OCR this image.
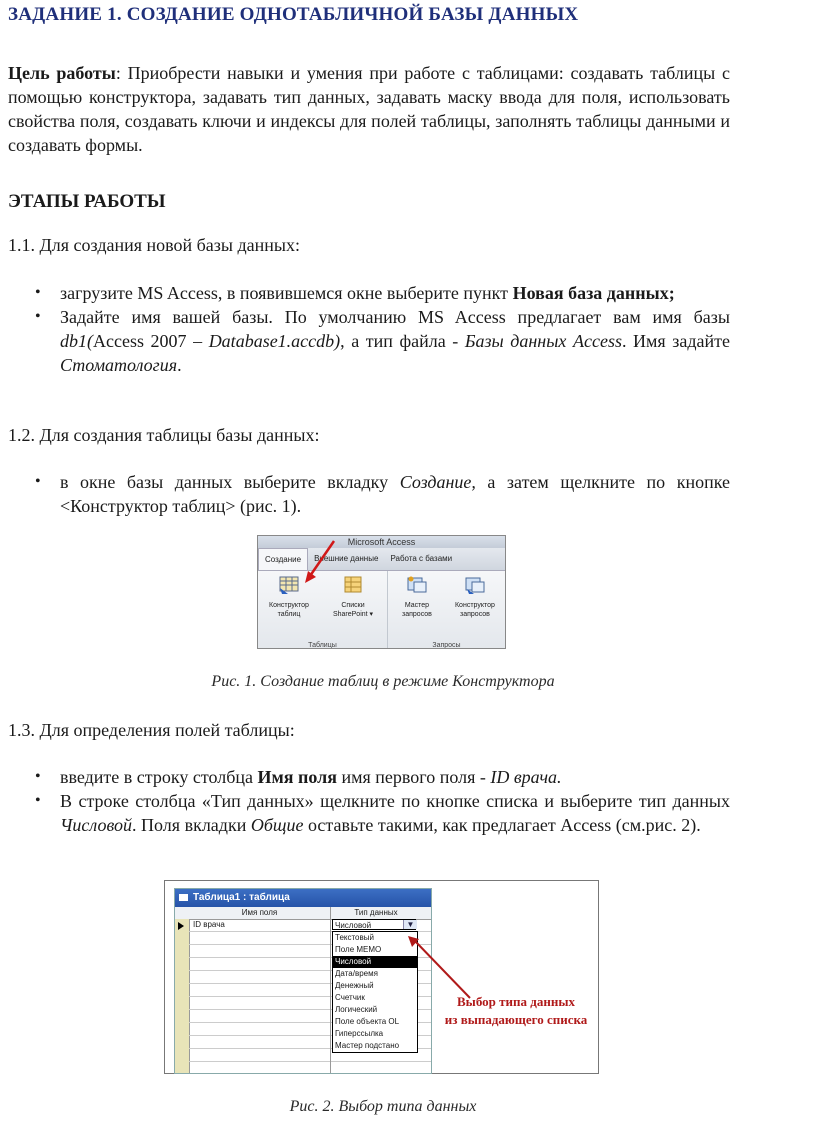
ЗАДАНИЕ 1. СОЗДАНИЕ ОДНОТАБЛИЧНОЙ БАЗЫ ДАННЫХ
Цель работы: Приобрести навыки и умения при работе с таблицами: создавать таблицы с помощью конструктора, задавать тип данных, задавать маску ввода для поля, использовать свойства поля, создавать ключи и индексы для полей таблицы, заполнять таблицы данными и создавать формы.
ЭТАПЫ РАБОТЫ
1.1. Для создания новой базы данных:
• загрузите MS Access, в появившемся окне выберите пункт Новая база данных;
• Задайте имя вашей базы. По умолчанию MS Access предлагает вам имя базы db1(Access 2007 – Database1.accdb), а тип файла - Базы данных Access. Имя задайте Стоматология.
1.2. Для создания таблицы базы данных:
• в окне базы данных выберите вкладку Создание, а затем щелкните по кнопке <Конструктор таблиц> (рис. 1).
Microsoft Access
Создание	Внешние данные	Работа с базами
Конструктор
таблиц
Списки
SharePoint ▾
Таблицы
Мастер
запросов
Конструктор
запросов
Запросы
Рис. 1. Создание таблиц в режиме Конструктора
1.3. Для определения полей таблицы:
• введите в строку столбца Имя поля имя первого поля - ID врача.
• В строке столбца «Тип данных» щелкните по кнопке списка и выберите тип данных Числовой. Поля вкладки Общие оставьте такими, как предлагает Access (см.рис. 2).
Таблица1 : таблица
Имя поля	Тип данных
ID врача	Числовой	▼
Текстовый
Поле MEMO
Числовой
Дата/время
Денежный
Счетчик
Логический
Поле объекта OL
Гиперссылка
Мастер подстано
Выбор типа данных
из выпадающего списка
Рис. 2. Выбор типа данных
